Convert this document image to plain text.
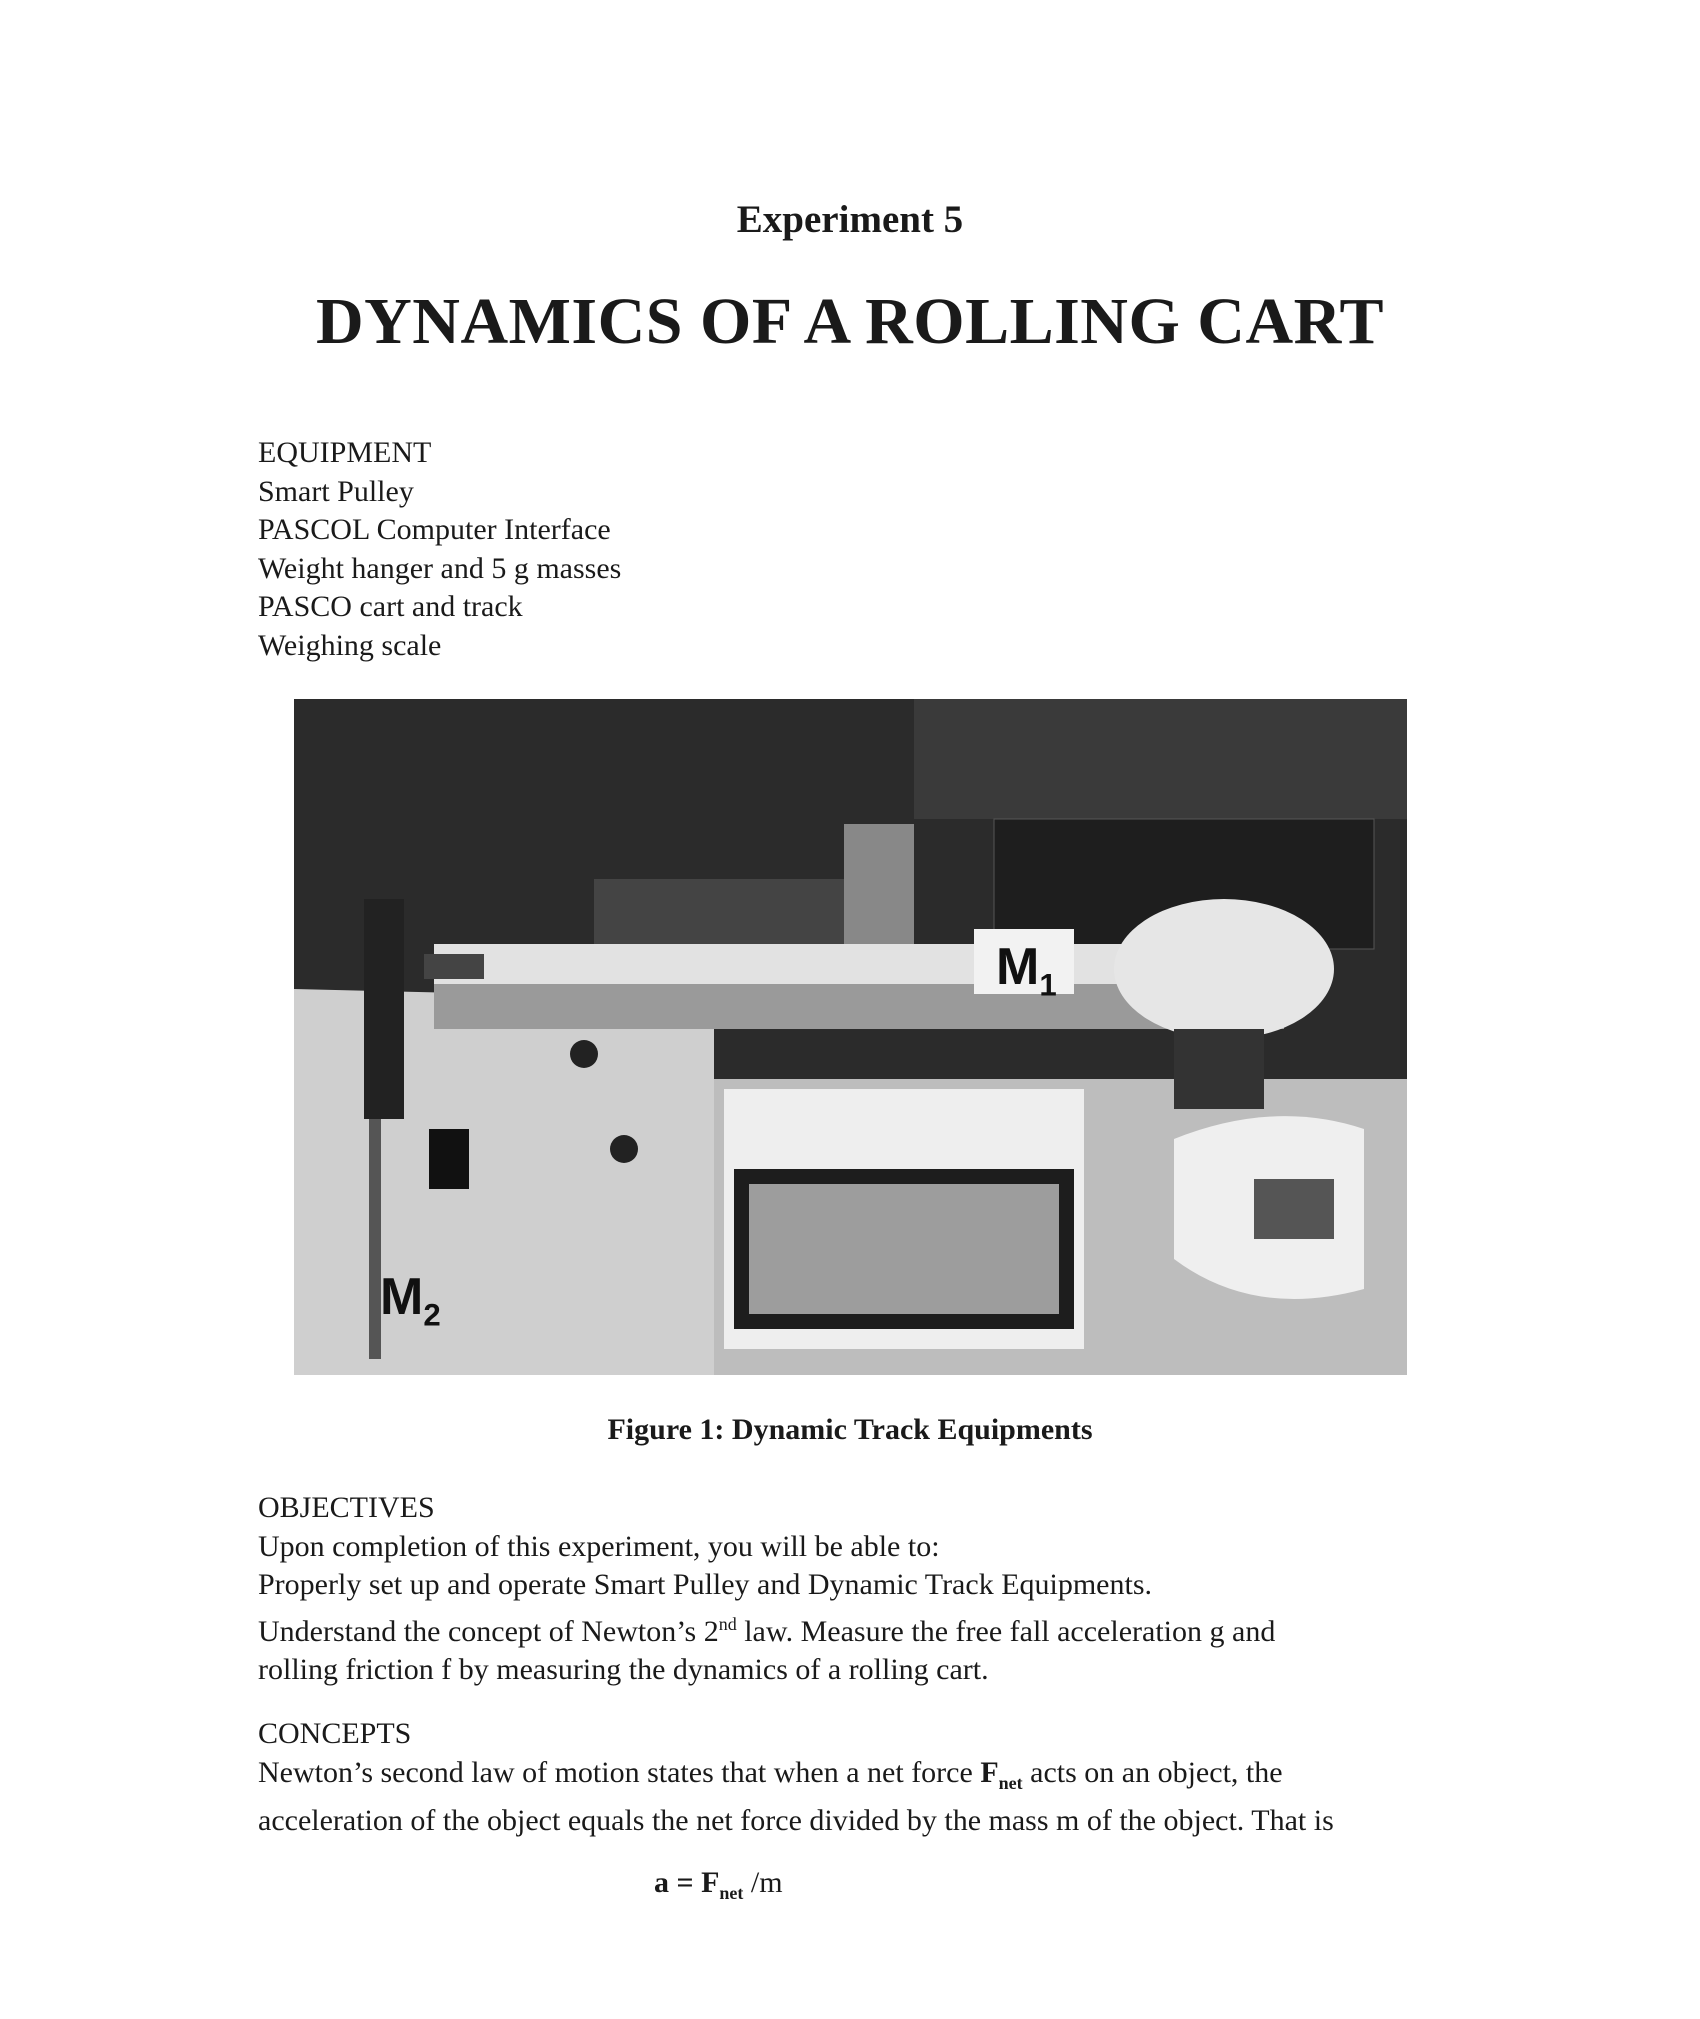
Experiment 5
DYNAMICS OF A ROLLING CART
EQUIPMENT
Smart Pulley
PASCOL Computer Interface
Weight hanger and 5 g masses
PASCO cart and track
Weighing scale
$M_1$
$M_2$
Figure 1: Dynamic Track Equipments
OBJECTIVES
Upon completion of this experiment, you will be able to:
Properly set up and operate Smart Pulley and Dynamic Track Equipments.
Understand the concept of Newton’s 2nd law. Measure the free fall acceleration g and
rolling friction f by measuring the dynamics of a rolling cart.
CONCEPTS
Newton’s second law of motion states that when a net force $F_{net}$ acts on an object, the
acceleration of the object equals the net force divided by the mass m of the object. That is
$a = F_{net}$ /m
